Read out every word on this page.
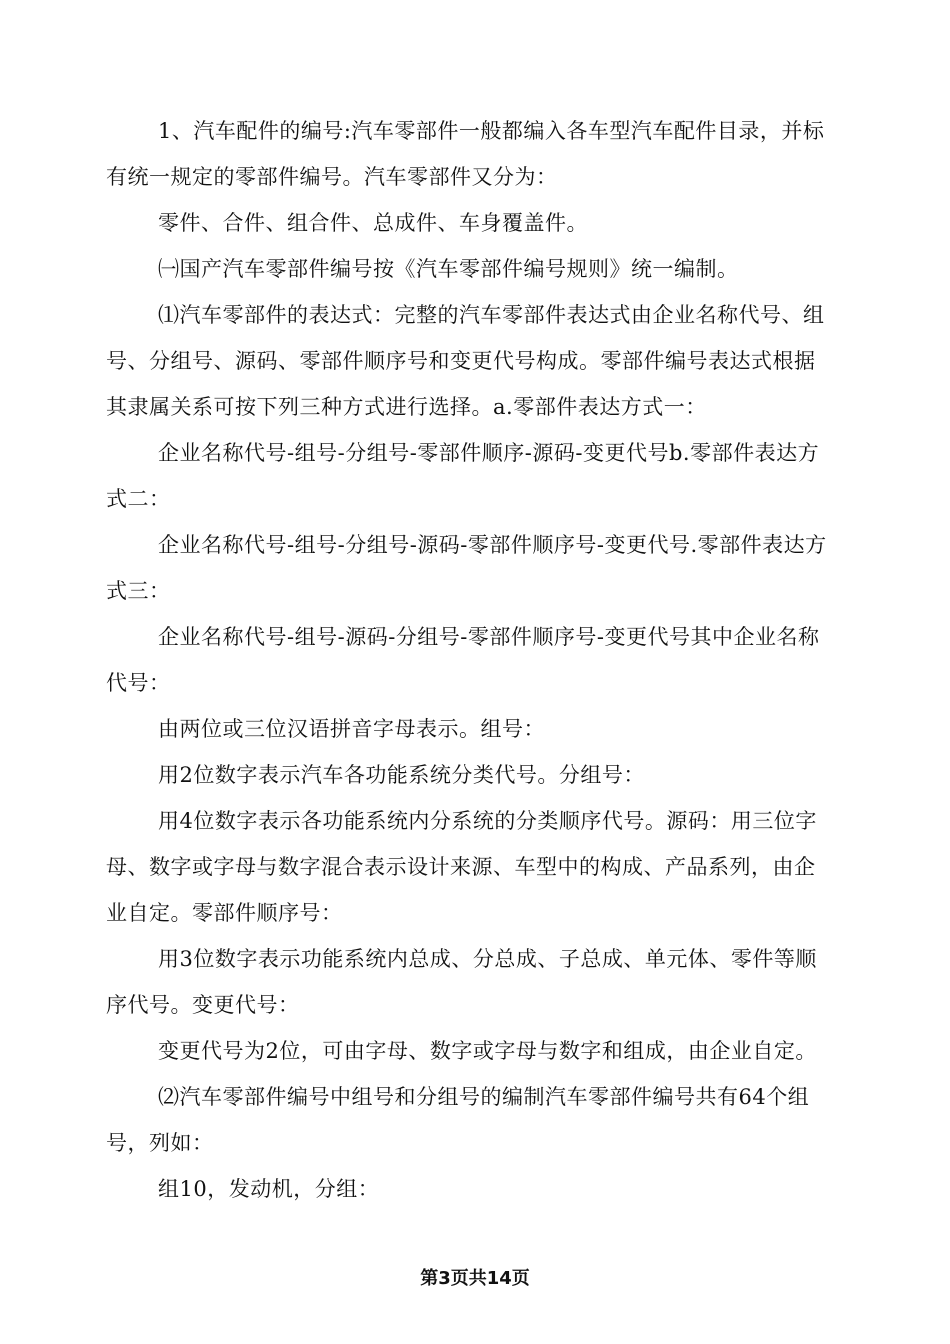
1、汽车配件的编号:汽车零部件一般都编入各车型汽车配件目录，并标有统一规定的零部件编号。汽车零部件又分为：

零件、合件、组合件、总成件、车身覆盖件。

㈠国产汽车零部件编号按《汽车零部件编号规则》统一编制。

⑴汽车零部件的表达式：完整的汽车零部件表达式由企业名称代号、组号、分组号、源码、零部件顺序号和变更代号构成。零部件编号表达式根据其隶属关系可按下列三种方式进行选择。a.零部件表达方式一：

企业名称代号-组号-分组号-零部件顺序-源码-变更代号b.零部件表达方式二：

企业名称代号-组号-分组号-源码-零部件顺序号-变更代号.零部件表达方式三：

企业名称代号-组号-源码-分组号-零部件顺序号-变更代号其中企业名称代号：

由两位或三位汉语拼音字母表示。组号：

用2位数字表示汽车各功能系统分类代号。分组号：

用4位数字表示各功能系统内分系统的分类顺序代号。源码：用三位字母、数字或字母与数字混合表示设计来源、车型中的构成、产品系列，由企业自定。零部件顺序号：

用3位数字表示功能系统内总成、分总成、子总成、单元体、零件等顺序代号。变更代号：

变更代号为2位，可由字母、数字或字母与数字和组成，由企业自定。

⑵汽车零部件编号中组号和分组号的编制汽车零部件编号共有64个组号，列如：

组10，发动机，分组：

第3页共14页
